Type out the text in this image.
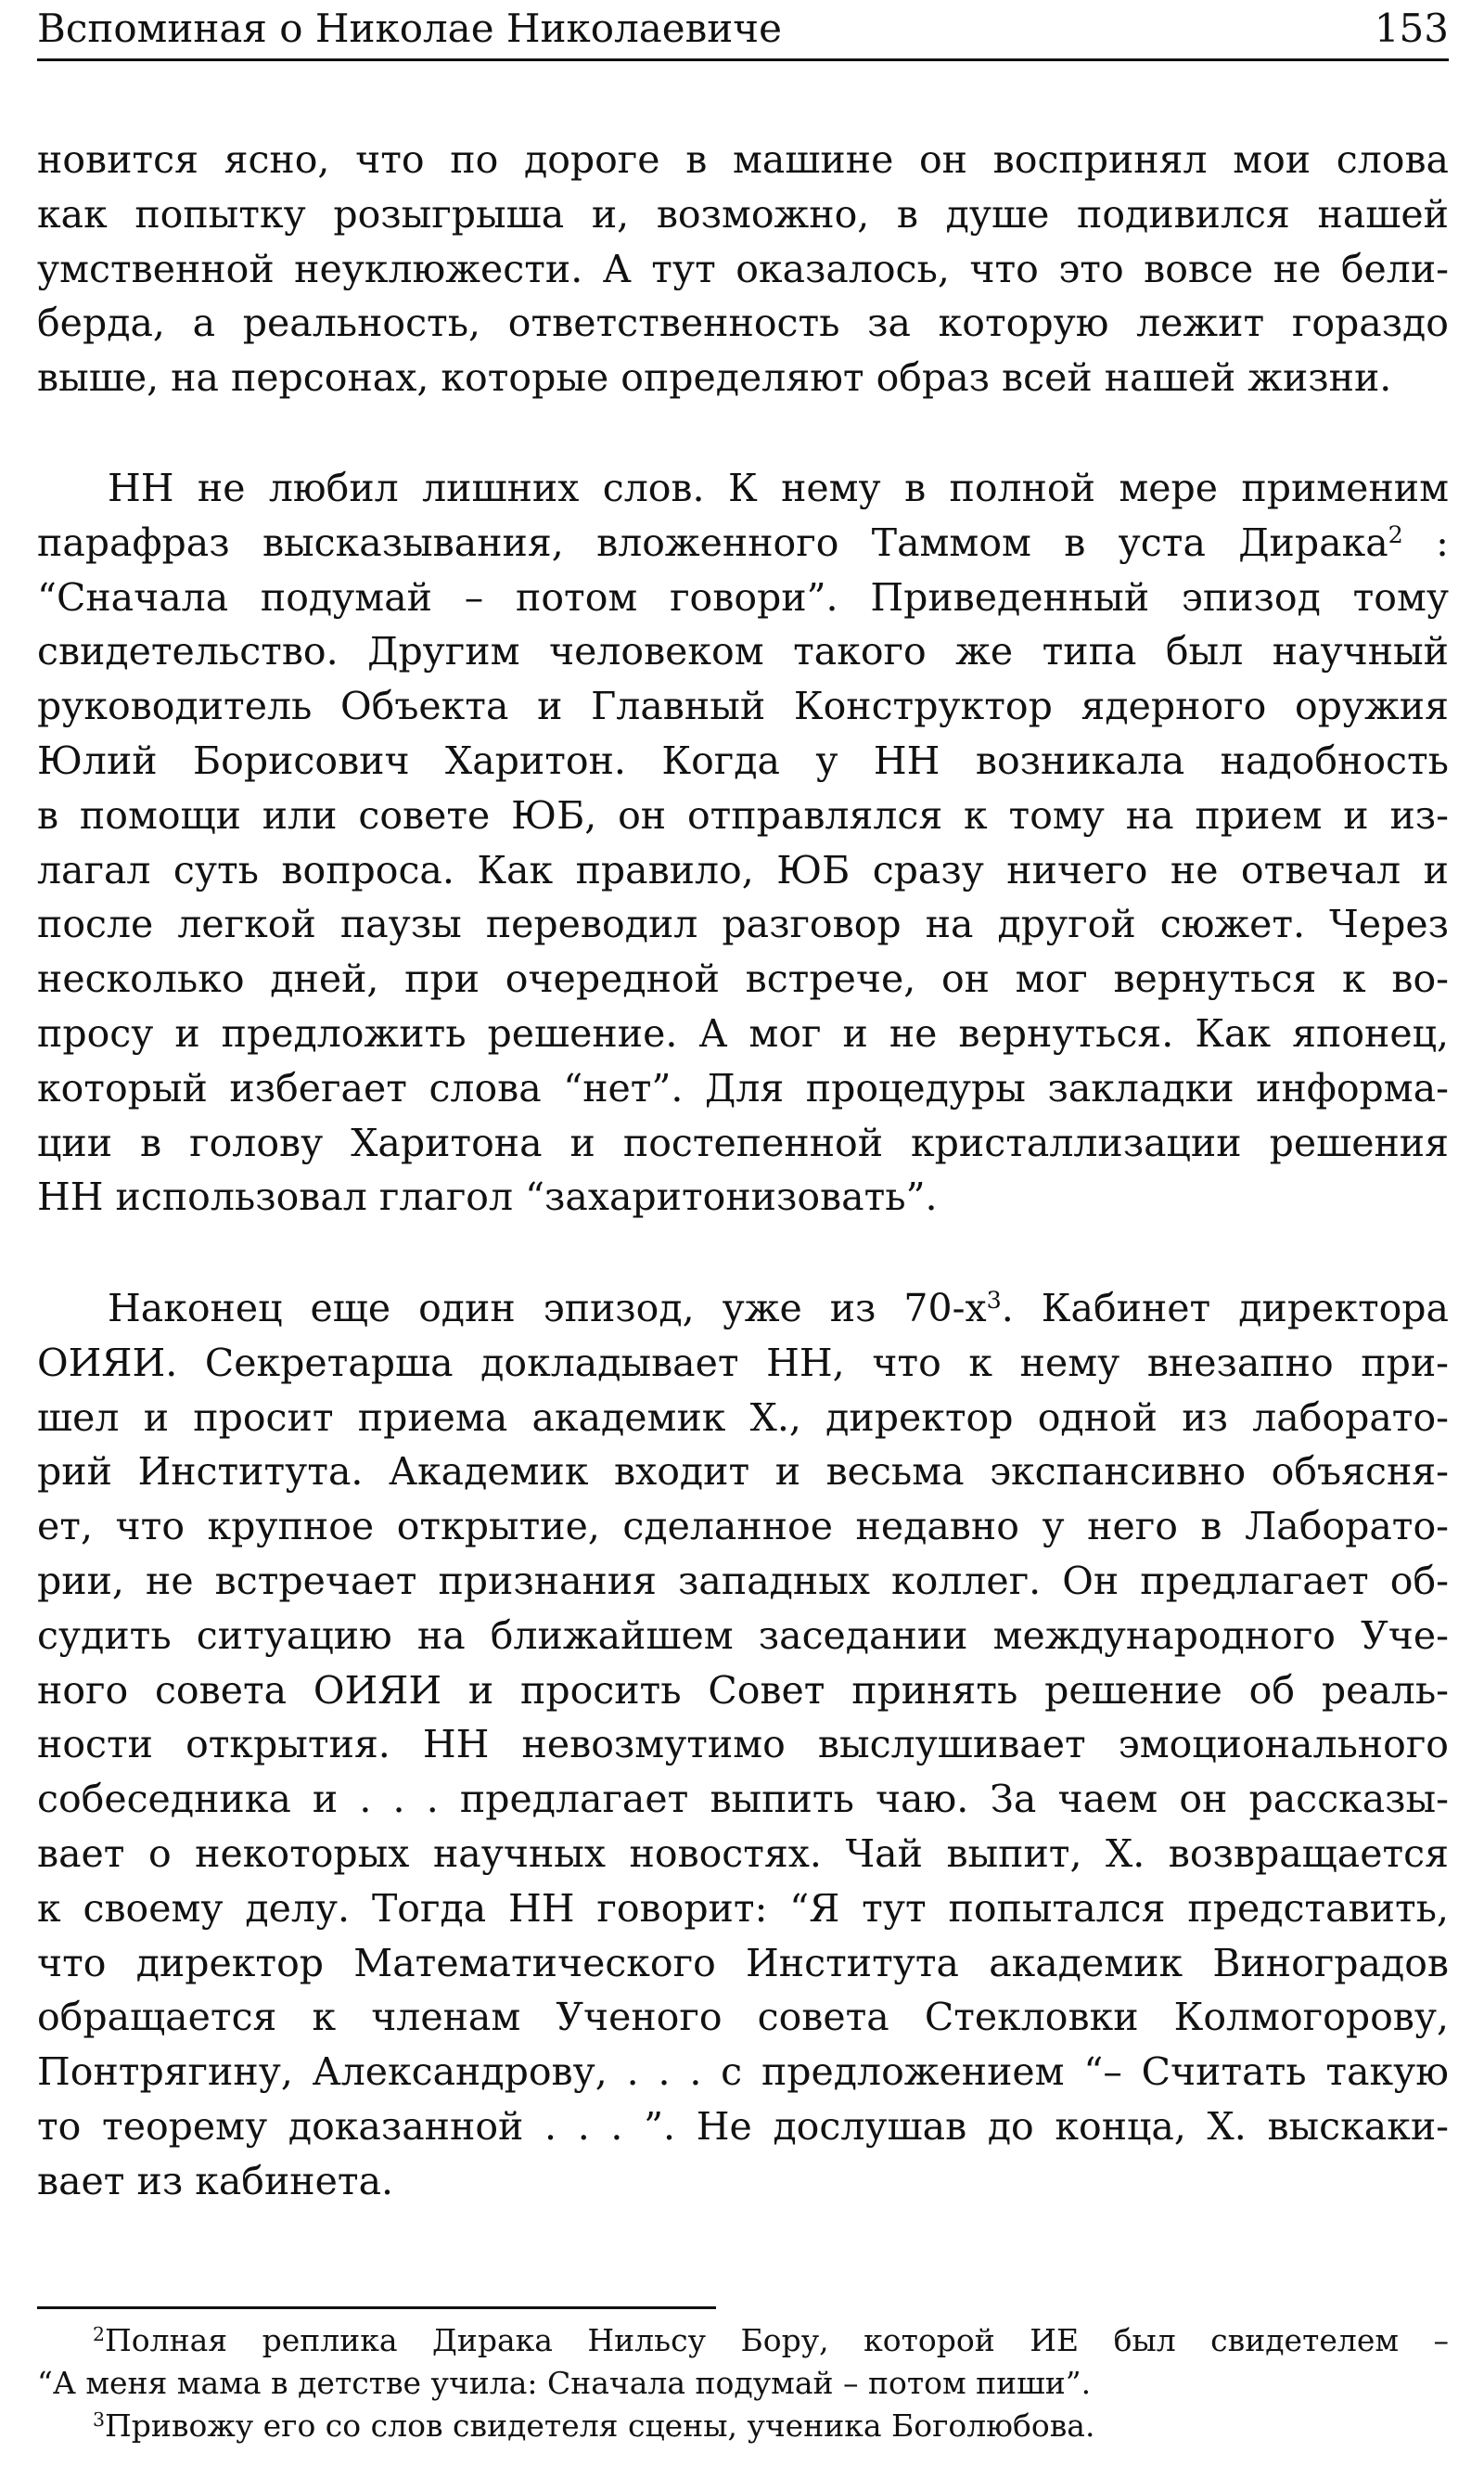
Вспоминая о Николае Николаевиче	153
новится ясно, что по дороге в машине он воспринял мои слова
как попытку розыгрыша и, возможно, в душе подивился нашей
умственной неуклюжести. А тут оказалось, что это вовсе не бели-
берда, а реальность, ответственность за которую лежит гораздо
выше, на персонах, которые определяют образ всей нашей жизни.
НН не любил лишних слов. К нему в полной мере применим
парафраз высказывания, вложенного Таммом в уста Дирака$^2$ :
“Сначала подумай – потом говори”. Приведенный эпизод тому
свидетельство. Другим человеком такого же типа был научный
руководитель Объекта и Главный Конструктор ядерного оружия
Юлий Борисович Харитон. Когда у НН возникала надобность
в помощи или совете ЮБ, он отправлялся к тому на прием и из-
лагал суть вопроса. Как правило, ЮБ сразу ничего не отвечал и
после легкой паузы переводил разговор на другой сюжет. Через
несколько дней, при очередной встрече, он мог вернуться к во-
просу и предложить решение. А мог и не вернуться. Как японец,
который избегает слова “нет”. Для процедуры закладки информа-
ции в голову Харитона и постепенной кристаллизации решения
НН использовал глагол “захаритонизовать”.
Наконец еще один эпизод, уже из $70-х^3$. Кабинет директора
ОИЯИ. Секретарша докладывает НН, что к нему внезапно при-
шел и просит приема академик Х., директор одной из лаборато-
рий Института. Академик входит и весьма экспансивно объясня-
ет, что крупное открытие, сделанное недавно у него в Лаборато-
рии, не встречает признания западных коллег. Он предлагает об-
судить ситуацию на ближайшем заседании международного Уче-
ного совета ОИЯИ и просить Совет принять решение об реаль-
ности открытия. НН невозмутимо выслушивает эмоционального
собеседника и . . . предлагает выпить чаю. За чаем он рассказы-
вает о некоторых научных новостях. Чай выпит, Х. возвращается
к своему делу. Тогда НН говорит: “Я тут попытался представить,
что директор Математического Института академик Виноградов
обращается к членам Ученого совета Стекловки Колмогорову,
Понтрягину, Александрову, . . . с предложением “– Считать такую
то теорему доказанной . . . ”. Не дослушав до конца, Х. выскаки-
вает из кабинета.
$^2$Полная реплика Дирака Нильсу Бору, которой ИЕ был свидетелем –
“А меня мама в детстве учила: Сначала подумай – потом пиши”.
$^3$Привожу его со слов свидетеля сцены, ученика Боголюбова.
